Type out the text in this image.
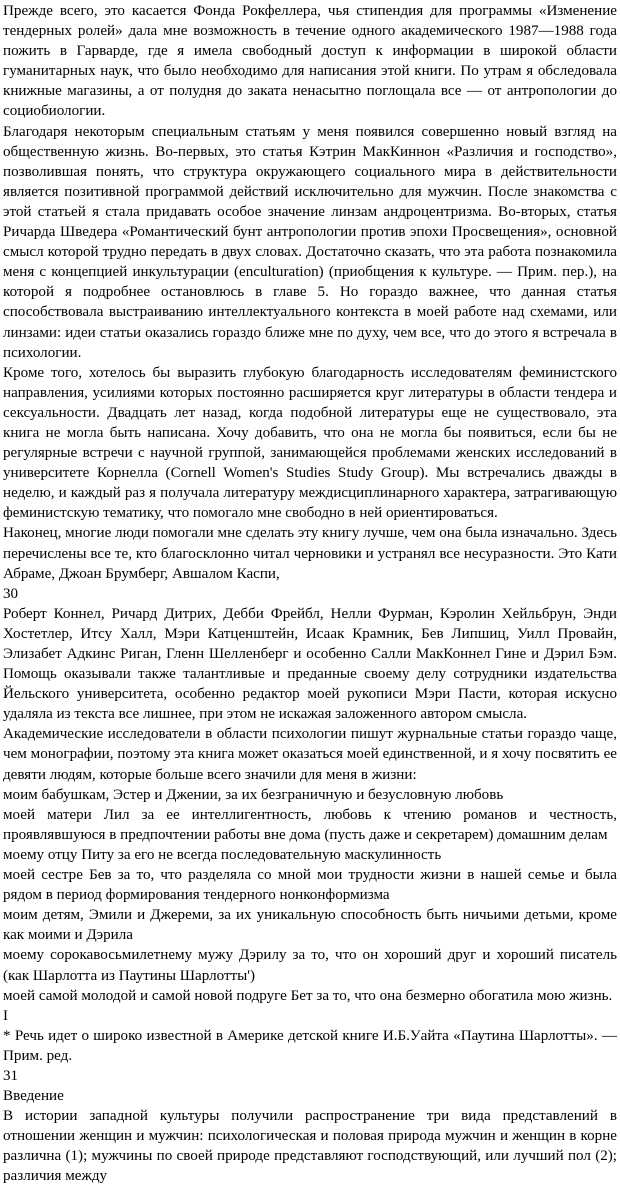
Прежде всего, это касается Фонда Рокфеллера, чья стипендия для программы «Изменение тендерных ролей» дала мне возможность в течение одного академического 1987—1988 года пожить в Гарварде, где я имела свободный доступ к информации в широкой области гуманитарных наук, что было необходимо для написания этой книги. По утрам я обследовала книжные магазины, а от полудня до заката ненасытно поглощала все — от антропологии до социобиологии.

Благодаря некоторым специальным статьям у меня появился совершенно новый взгляд на общественную жизнь. Во-первых, это статья Кэтрин МакКиннон «Различия и господство», позволившая понять, что структура окружающего социального мира в действительности является позитивной программой действий исключительно для мужчин. После знакомства с этой статьей я стала придавать особое значение линзам андроцентризма. Во-вторых, статья Ричарда Шведера «Романтический бунт антропологии против эпохи Просвещения», основной смысл которой трудно передать в двух словах. Достаточно сказать, что эта работа познакомила меня с концепцией инкультурации (enculturation) (приобщения к культуре. — Прим. пер.), на которой я подробнее остановлюсь в главе 5. Но гораздо важнее, что данная статья способствовала выстраиванию интеллектуального контекста в моей работе над схемами, или линзами: идеи статьи оказались гораздо ближе мне по духу, чем все, что до этого я встречала в психологии.

Кроме того, хотелось бы выразить глубокую благодарность исследователям феминистского направления, усилиями которых постоянно расширяется круг литературы в области тендера и сексуальности. Двадцать лет назад, когда подобной литературы еще не существовало, эта книга не могла быть написана. Хочу добавить, что она не могла бы появиться, если бы не регулярные встречи с научной группой, занимающейся проблемами женских исследований в университете Корнелла (Cornell Women's Studies Study Group). Мы встречались дважды в неделю, и каждый раз я получала литературу междисциплинарного характера, затрагивающую феминистскую тематику, что помогало мне свободно в ней ориентироваться.

Наконец, многие люди помогали мне сделать эту книгу лучше, чем она была изначально. Здесь перечислены все те, кто благосклонно читал черновики и устранял все несуразности. Это Кати Абраме, Джоан Брумберг, Авшалом Каспи,

30

Роберт Коннел, Ричард Дитрих, Дебби Фрейбл, Нелли Фурман, Кэролин Хейльбрун, Энди Хостетлер, Итсу Халл, Мэри Катценштейн, Исаак Крамник, Бев Липшиц, Уилл Провайн, Элизабет Адкинс Риган, Гленн Шелленберг и особенно Салли МакКоннел Гине и Дэрил Бэм. Помощь оказывали также талантливые и преданные своему делу сотрудники издательства Йельского университета, особенно редактор моей рукописи Мэри Пасти, которая искусно удаляла из текста все лишнее, при этом не искажая заложенного автором смысла.

Академические исследователи в области психологии пишут журнальные статьи гораздо чаще, чем монографии, поэтому эта книга может оказаться моей единственной, и я хочу посвятить ее девяти людям, которые больше всего значили для меня в жизни:

моим бабушкам, Эстер и Джении, за их безграничную и безусловную любовь

моей матери Лил за ее интеллигентность, любовь к чтению романов и честность, проявлявшуюся в предпочтении работы вне дома (пусть даже и секретарем) домашним делам

моему отцу Питу за его не всегда последовательную маскулинность

моей сестре Бев за то, что разделяла со мной мои трудности жизни в нашей семье и была рядом в период формирования тендерного нонконформизма

моим детям, Эмили и Джереми, за их уникальную способность быть ничьими детьми, кроме как моими и Дэрила

моему сорокавосьмилетнему мужу Дэрилу за то, что он хороший друг и хороший писатель (как Шарлотта из Паутины Шарлотты')

моей самой молодой и самой новой подруге Бет за то, что она безмерно обогатила мою жизнь.

I

* Речь идет о широко известной в Америке детской книге И.Б.Уайта «Паутина Шарлотты». — Прим. ред.

31

Введение

В истории западной культуры получили распространение три вида представлений в отношении женщин и мужчин: психологическая и половая природа мужчин и женщин в корне различна (1); мужчины по своей природе представляют господствующий, или лучший пол (2); различия между
